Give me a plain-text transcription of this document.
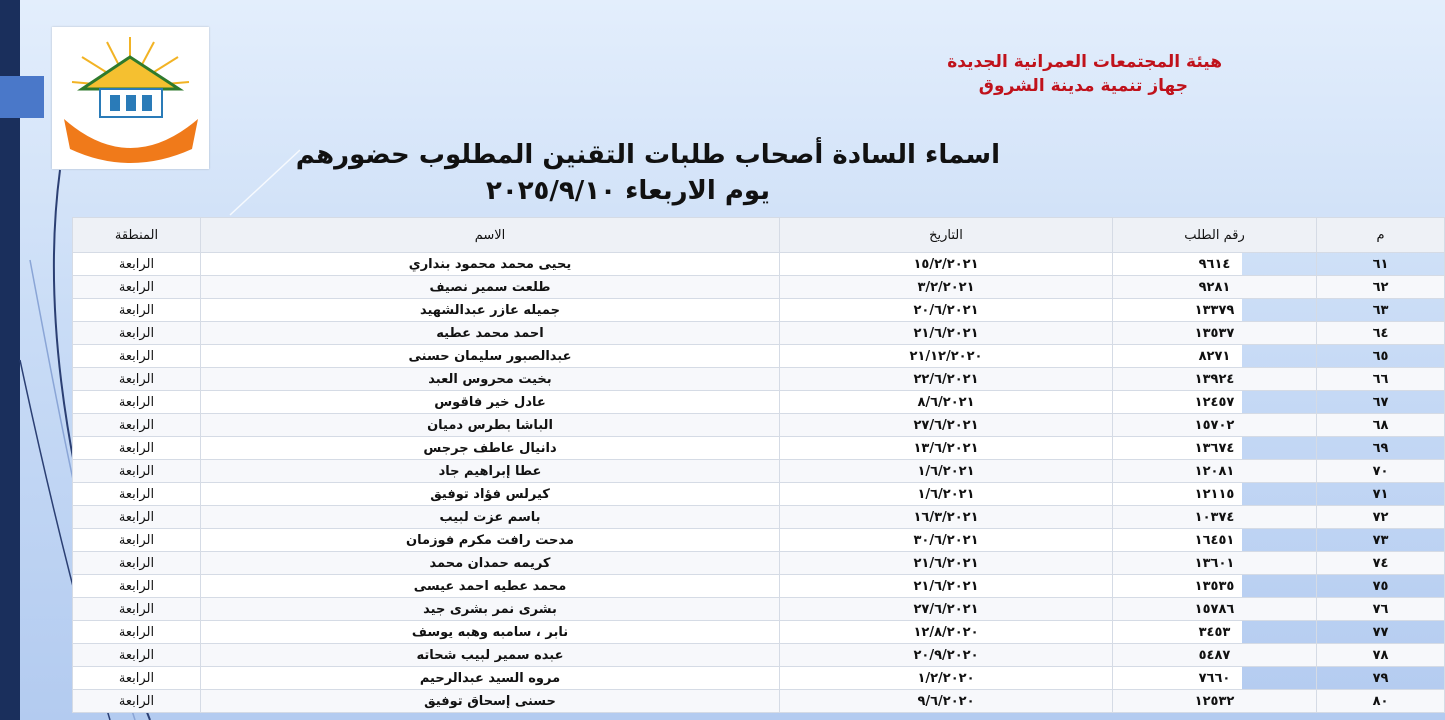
هيئة المجتمعات العمرانية الجديدة
جهاز تنمية مدينة الشروق
اسماء السادة أصحاب طلبات التقنين المطلوب حضورهم
يوم الاربعاء ٢٠٢٥/٩/١٠
م	رقم الطلب	التاريخ	الاسم	المنطقة
٦١	٩٦١٤	١٥/٢/٢٠٢١	يحيى محمد محمود بنداري	الرابعة
٦٢	٩٢٨١	٣/٢/٢٠٢١	طلعت سمير نصيف	الرابعة
٦٣	١٣٣٧٩	٢٠/٦/٢٠٢١	جميله عازر عبدالشهيد	الرابعة
٦٤	١٣٥٣٧	٢١/٦/٢٠٢١	احمد محمد عطيه	الرابعة
٦٥	٨٢٧١	٢١/١٢/٢٠٢٠	عبدالصبور سليمان حسنى	الرابعة
٦٦	١٣٩٢٤	٢٢/٦/٢٠٢١	بخيت محروس العبد	الرابعة
٦٧	١٢٤٥٧	٨/٦/٢٠٢١	عادل خير فاقوس	الرابعة
٦٨	١٥٧٠٢	٢٧/٦/٢٠٢١	الباشا بطرس دميان	الرابعة
٦٩	١٣٦٧٤	١٣/٦/٢٠٢١	دانيال عاطف جرجس	الرابعة
٧٠	١٢٠٨١	١/٦/٢٠٢١	عطا إبراهيم جاد	الرابعة
٧١	١٢١١٥	١/٦/٢٠٢١	كيرلس فؤاد توفيق	الرابعة
٧٢	١٠٣٧٤	١٦/٣/٢٠٢١	باسم عزت لبيب	الرابعة
٧٣	١٦٤٥١	٣٠/٦/٢٠٢١	مدحت رافت مكرم فوزمان	الرابعة
٧٤	١٣٦٠١	٢١/٦/٢٠٢١	كريمه حمدان محمد	الرابعة
٧٥	١٣٥٣٥	٢١/٦/٢٠٢١	محمد عطيه احمد عيسى	الرابعة
٧٦	١٥٧٨٦	٢٧/٦/٢٠٢١	بشرى نمر بشرى جيد	الرابعة
٧٧	٣٤٥٣	١٢/٨/٢٠٢٠	نابر ، سامبه وهبه يوسف	الرابعة
٧٨	٥٤٨٧	٢٠/٩/٢٠٢٠	عبده سمير لبيب شحاته	الرابعة
٧٩	٧٦٦٠	١/٢/٢٠٢٠	مروه السيد عبدالرحيم	الرابعة
٨٠	١٢٥٣٢	٩/٦/٢٠٢٠	حسنى إسحاق توفيق	الرابعة
